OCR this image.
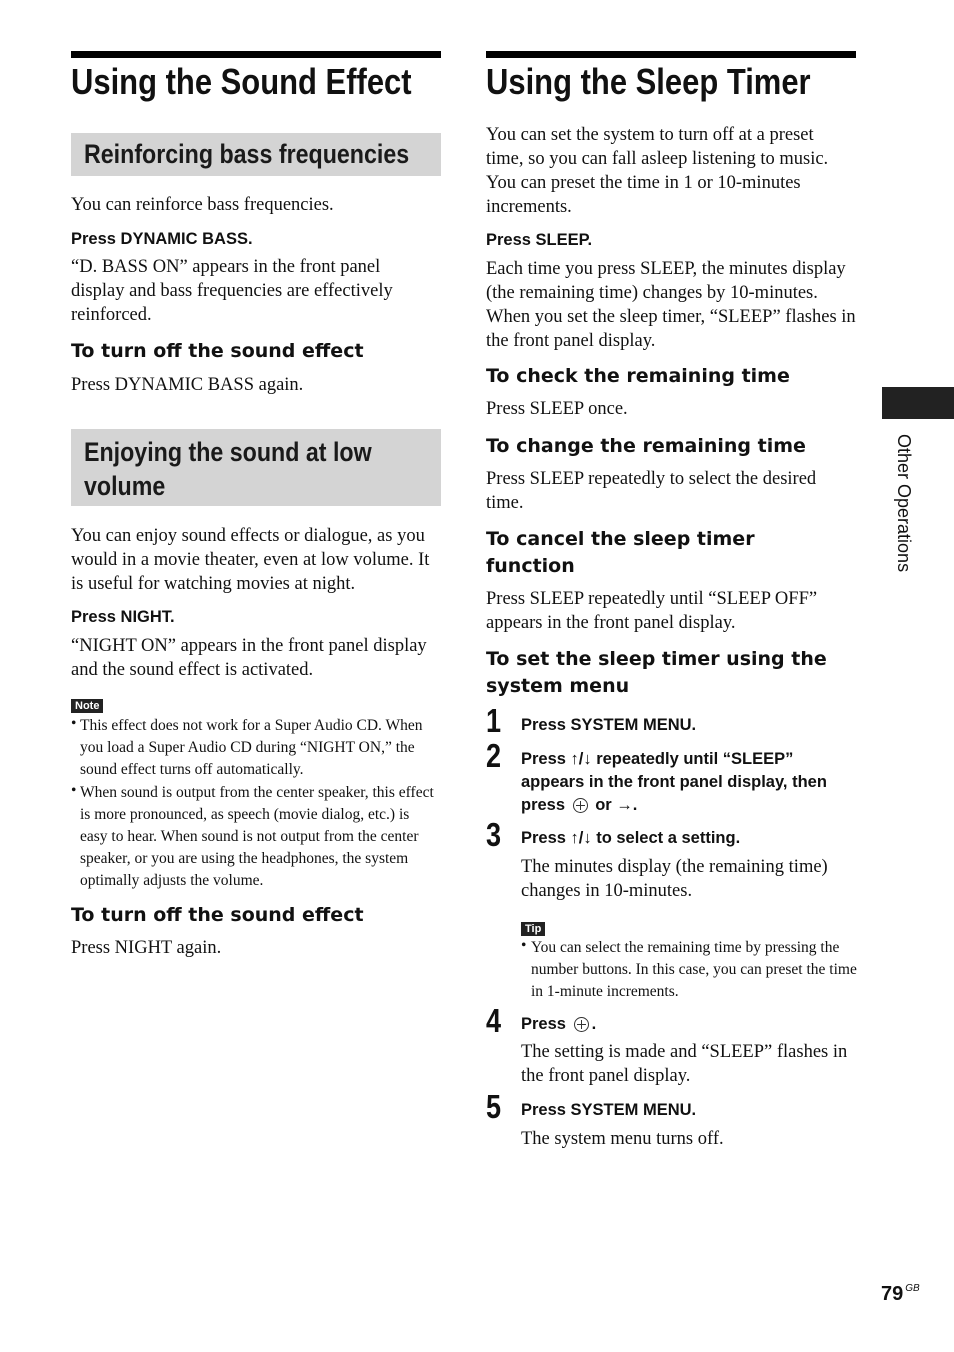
Using the Sound Effect
Reinforcing bass frequencies

You can reinforce bass frequencies.

Press DYNAMIC BASS.

“D. BASS ON” appears in the front panel display and bass frequencies are effectively reinforced.

To turn off the sound effect

Press DYNAMIC BASS again.

Enjoying the sound at low volume

You can enjoy sound effects or dialogue, as you would in a movie theater, even at low volume. It is useful for watching movies at night.

Press NIGHT.

“NIGHT ON” appears in the front panel display and the sound effect is activated.

Note
• This effect does not work for a Super Audio CD. When you load a Super Audio CD during “NIGHT ON,” the sound effect turns off automatically.

• When sound is output from the center speaker, this effect is more pronounced, as speech (movie dialog, etc.) is easy to hear. When sound is not output from the center speaker, or you are using the headphones, the system optimally adjusts the volume.

To turn off the sound effect

Press NIGHT again.

Using the Sleep Timer

You can set the system to turn off at a preset time, so you can fall asleep listening to music. You can preset the time in 1 or 10-minutes increments.

Press SLEEP.

Each time you press SLEEP, the minutes display (the remaining time) changes by 10-minutes. When you set the sleep timer, “SLEEP” flashes in the front panel display.

To check the remaining time

Press SLEEP once.

To change the remaining time

Press SLEEP repeatedly to select the desired time.

To cancel the sleep timer function

Press SLEEP repeatedly until “SLEEP OFF” appears in the front panel display.

To set the sleep timer using the system menu
1 Press SYSTEM MENU.

2 Press ↑/↓ repeatedly until “SLEEP” appears in the front panel display, then press or →.

3 Press ↑/↓ to select a setting.

The minutes display (the remaining time) changes in 10-minutes.

Tip
• You can select the remaining time by pressing the number buttons. In this case, you can preset the time in 1-minute increments.

4 Press .

The setting is made and “SLEEP” flashes in the front panel display.

5 Press SYSTEM MENU.

The system menu turns off.

Other Operations
79 $^{GB}$
